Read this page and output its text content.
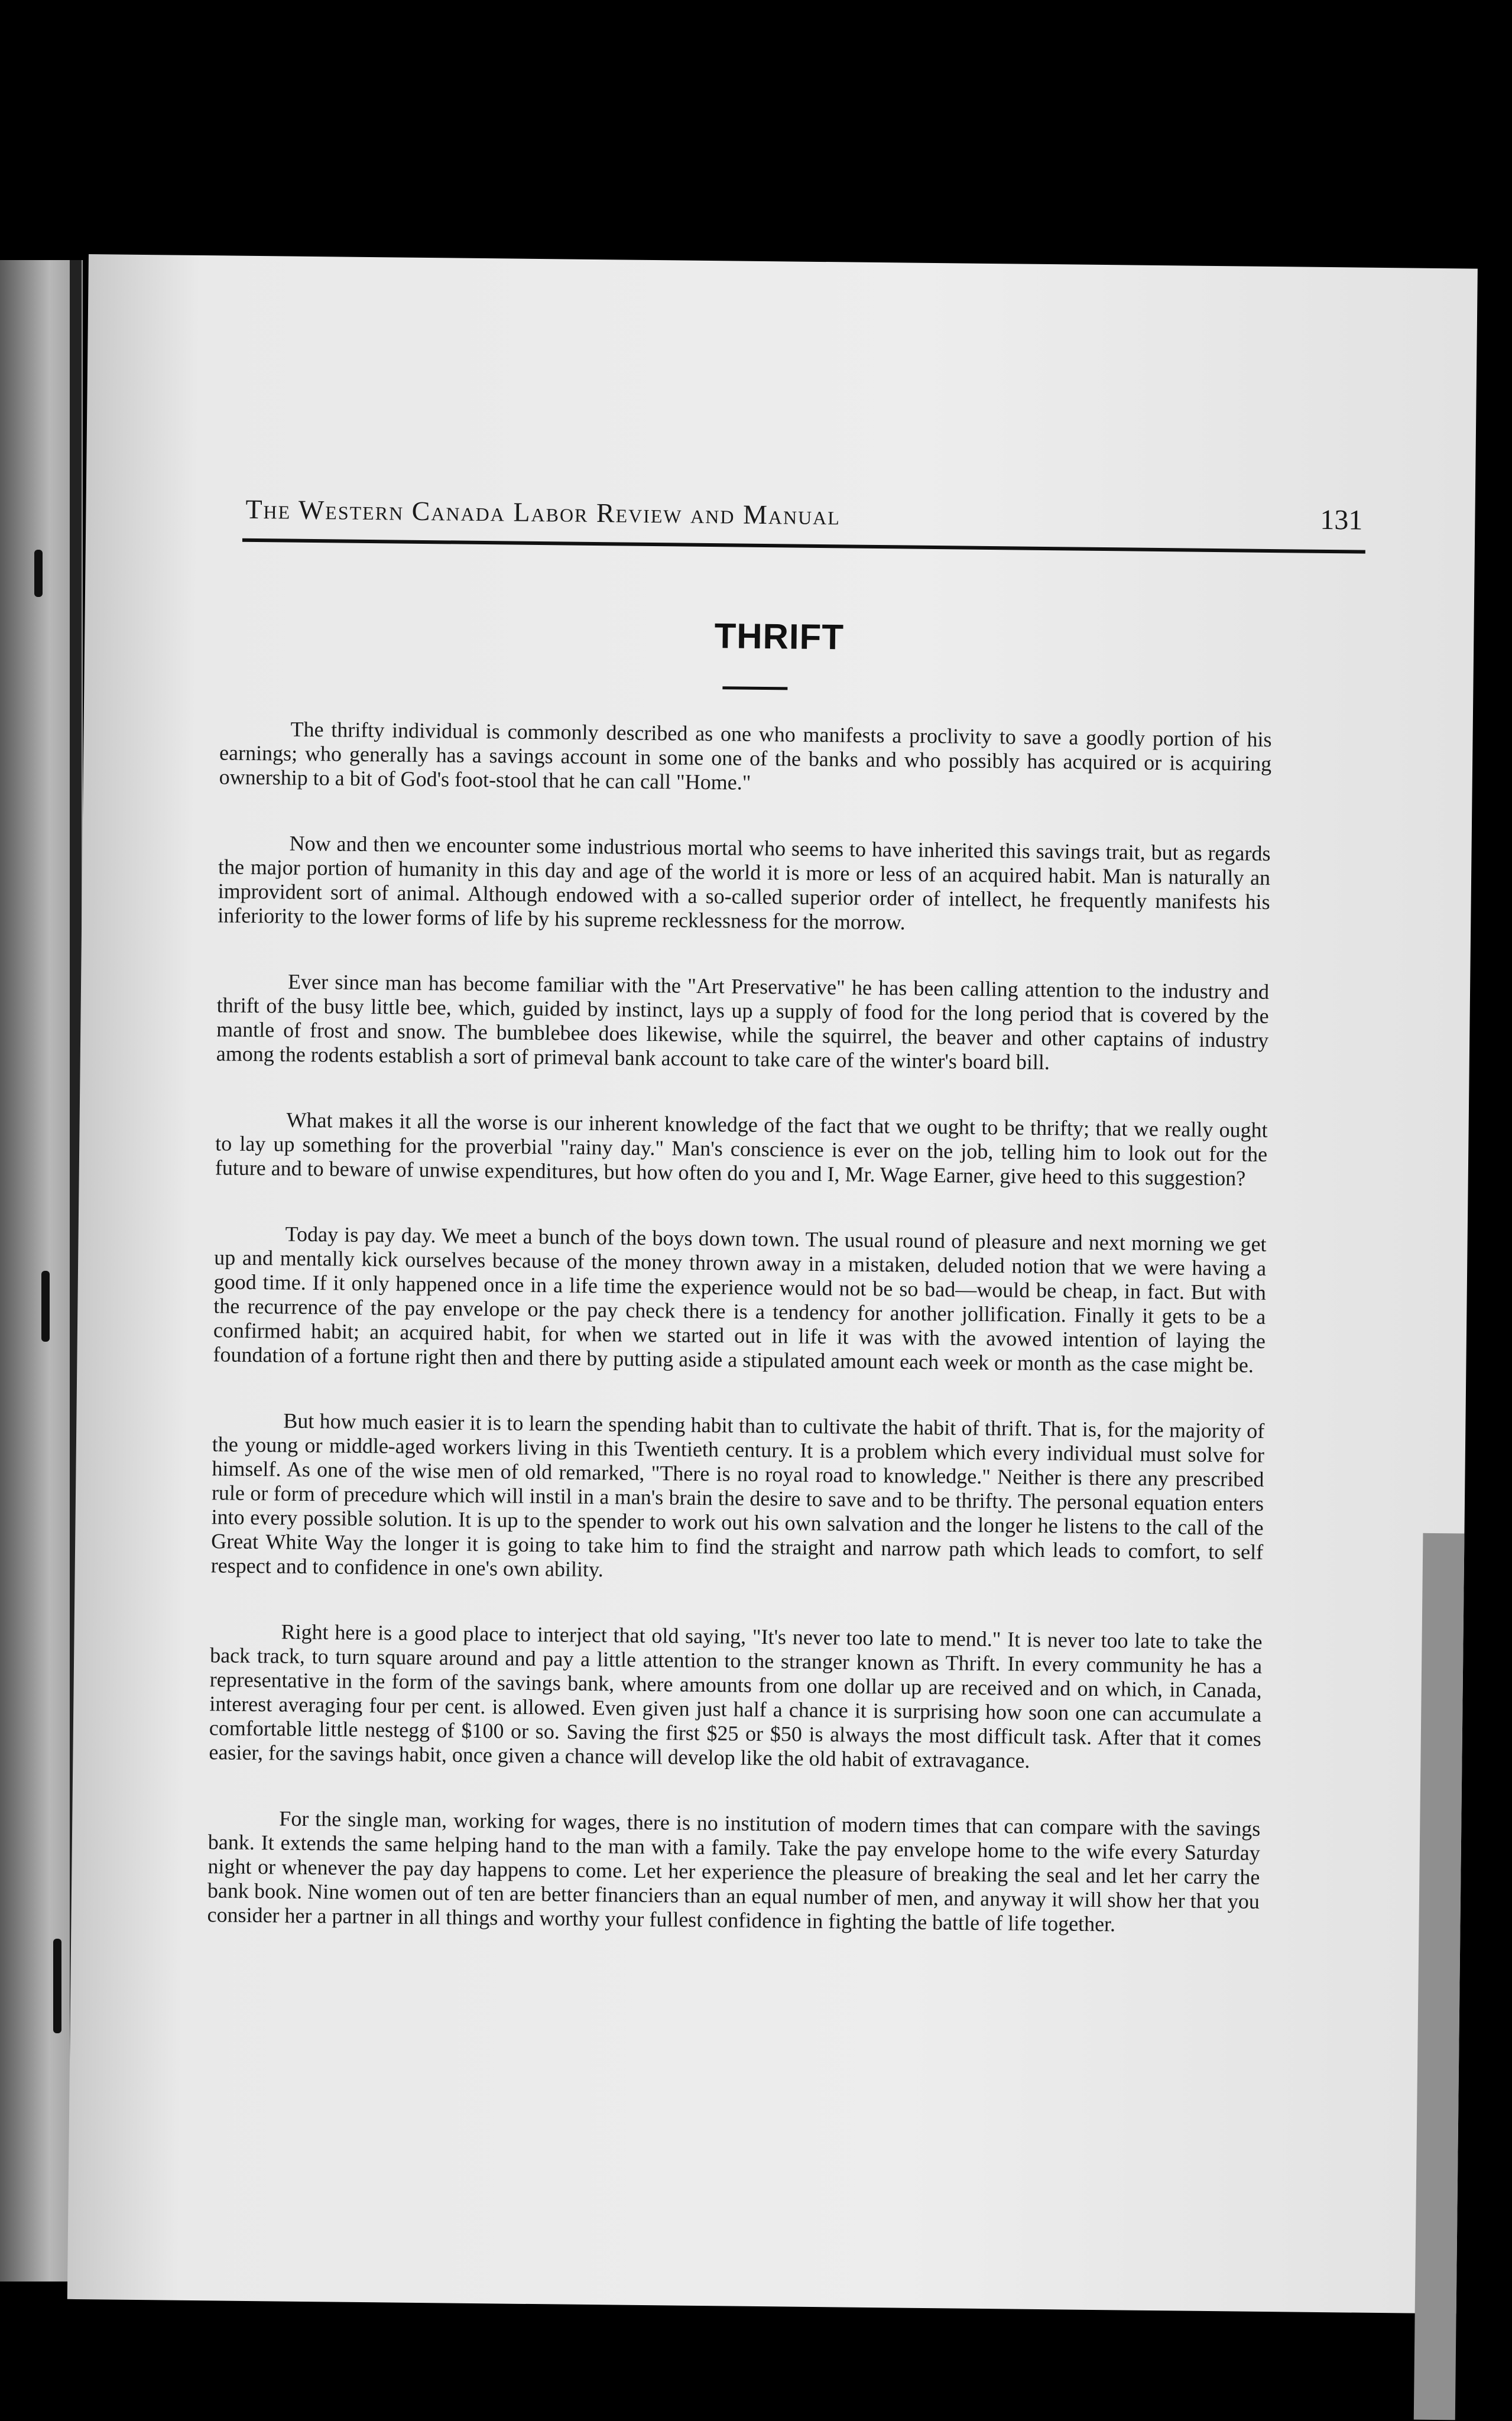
The Western Canada Labor Review and Manual	131
THRIFT

The thrifty individual is commonly described as one who manifests a proclivity to save a goodly portion of his earnings; who generally has a savings account in some one of the banks and who possibly has acquired or is acquiring ownership to a bit of God's foot-stool that he can call "Home."

Now and then we encounter some industrious mortal who seems to have inherited this savings trait, but as regards the major portion of humanity in this day and age of the world it is more or less of an acquired habit. Man is naturally an improvident sort of animal. Although endowed with a so-called superior order of intellect, he frequently manifests his inferiority to the lower forms of life by his supreme recklessness for the morrow.

Ever since man has become familiar with the "Art Preservative" he has been calling attention to the industry and thrift of the busy little bee, which, guided by instinct, lays up a supply of food for the long period that is covered by the mantle of frost and snow. The bumblebee does likewise, while the squirrel, the beaver and other captains of industry among the rodents establish a sort of primeval bank account to take care of the winter's board bill.

What makes it all the worse is our inherent knowledge of the fact that we ought to be thrifty; that we really ought to lay up something for the proverbial "rainy day." Man's conscience is ever on the job, telling him to look out for the future and to beware of unwise expenditures, but how often do you and I, Mr. Wage Earner, give heed to this suggestion?

Today is pay day. We meet a bunch of the boys down town. The usual round of pleasure and next morning we get up and mentally kick ourselves because of the money thrown away in a mistaken, deluded notion that we were having a good time. If it only happened once in a life time the experience would not be so bad—would be cheap, in fact. But with the recurrence of the pay envelope or the pay check there is a tendency for another jollification. Finally it gets to be a confirmed habit; an acquired habit, for when we started out in life it was with the avowed intention of laying the foundation of a fortune right then and there by putting aside a stipulated amount each week or month as the case might be.

But how much easier it is to learn the spending habit than to cultivate the habit of thrift. That is, for the majority of the young or middle-aged workers living in this Twentieth century. It is a problem which every individual must solve for himself. As one of the wise men of old remarked, "There is no royal road to knowledge." Neither is there any prescribed rule or form of precedure which will instil in a man's brain the desire to save and to be thrifty. The personal equation enters into every possible solution. It is up to the spender to work out his own salvation and the longer he listens to the call of the Great White Way the longer it is going to take him to find the straight and narrow path which leads to comfort, to self respect and to confidence in one's own ability.

Right here is a good place to interject that old saying, "It's never too late to mend." It is never too late to take the back track, to turn square around and pay a little attention to the stranger known as Thrift. In every community he has a representative in the form of the savings bank, where amounts from one dollar up are received and on which, in Canada, interest averaging four per cent. is allowed. Even given just half a chance it is surprising how soon one can accumulate a comfortable little nestegg of $100 or so. Saving the first $25 or $50 is always the most difficult task. After that it comes easier, for the savings habit, once given a chance will develop like the old habit of extravagance.

For the single man, working for wages, there is no institution of modern times that can compare with the savings bank. It extends the same helping hand to the man with a family. Take the pay envelope home to the wife every Saturday night or whenever the pay day happens to come. Let her experience the pleasure of breaking the seal and let her carry the bank book. Nine women out of ten are better financiers than an equal number of men, and anyway it will show her that you consider her a partner in all things and worthy your fullest confidence in fighting the battle of life together.
